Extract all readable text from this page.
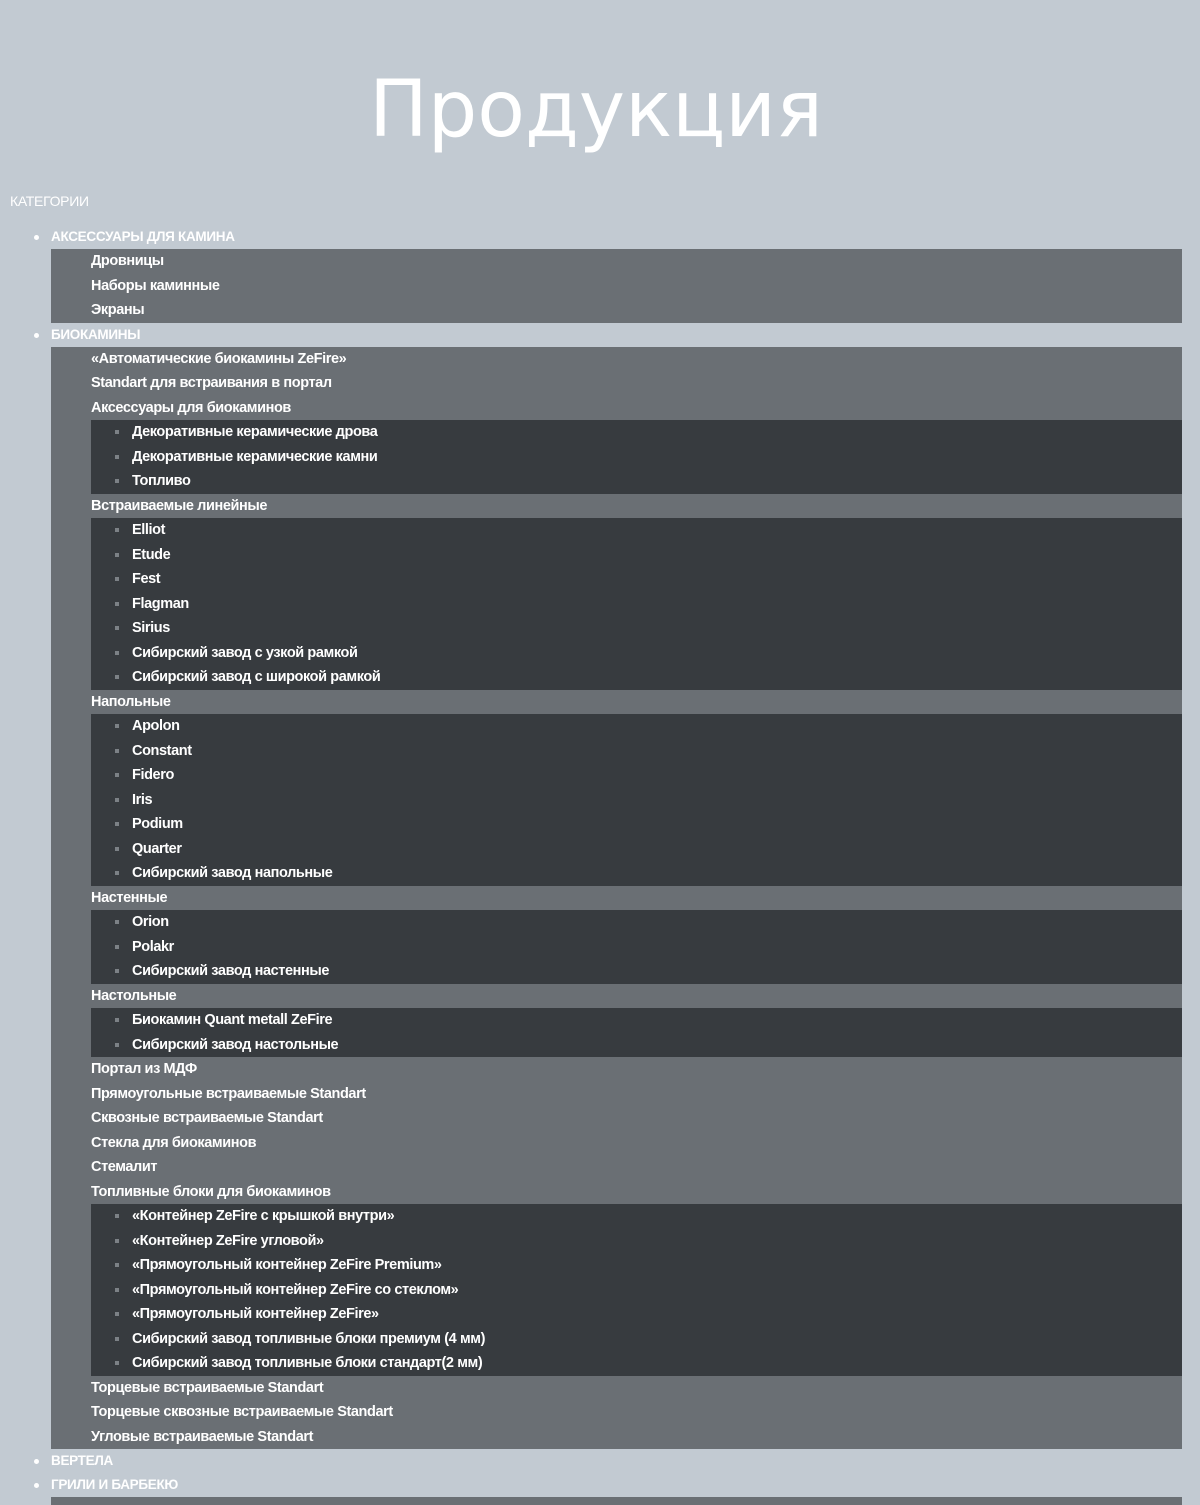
Продукция
КАТЕГОРИИ
АКСЕССУАРЫ ДЛЯ КАМИНА
Дровницы
Наборы каминные
Экраны
БИОКАМИНЫ
«Автоматические биокамины ZeFire»
Standart для встраивания в портал
Аксессуары для биокаминов
Декоративные керамические дрова
Декоративные керамические камни
Топливо
Встраиваемые линейные
Elliot
Etude
Fest
Flagman
Sirius
Сибирский завод с узкой рамкой
Сибирский завод с широкой рамкой
Напольные
Apolon
Constant
Fidero
Iris
Podium
Quarter
Сибирский завод напольные
Настенные
Orion
Polakr
Сибирский завод настенные
Настольные
Биокамин Quant metall ZeFire
Сибирский завод настольные
Портал из МДФ
Прямоугольные встраиваемые Standart
Сквозные встраиваемые Standart
Стекла для биокаминов
Стемалит
Топливные блоки для биокаминов
«Контейнер ZeFire с крышкой внутри»
«Контейнер ZeFire угловой»
«Прямоугольный контейнер ZeFire Premium»
«Прямоугольный контейнер ZeFire со стеклом»
«Прямоугольный контейнер ZeFire»
Сибирский завод топливные блоки премиум (4 мм)
Сибирский завод топливные блоки стандарт(2 мм)
Торцевые встраиваемые Standart
Торцевые сквозные встраиваемые Standart
Угловые встраиваемые Standart
ВЕРТЕЛА
ГРИЛИ И БАРБЕКЮ
